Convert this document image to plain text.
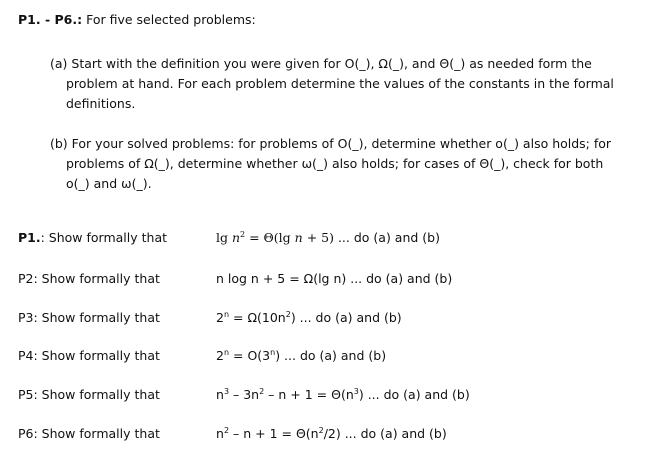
P1. - P6.: For five selected problems:
(a) Start with the definition you were given for O(_), Ω(_), and Θ(_) as needed form the
problem at hand. For each problem determine the values of the constants in the formal
definitions.
(b) For your solved problems: for problems of O(_), determine whether o(_) also holds; for
problems of Ω(_), determine whether ω(_) also holds; for cases of Θ(_), check for both
o(_) and ω(_).
P1.: Show formally that	$\lg n^2 = \Theta(\lg$ n + 5) ... do (a) and (b)
P2: Show formally that	n log n + 5 = Ω(lg n) ... do (a) and (b)
P3: Show formally that	$2^n = \Omega(10n^2)$ ... do (a) and (b)
P4: Show formally that	$2^n = O(3^n)$ ... do (a) and (b)
P5: Show formally that	$n^3 - 3n^2 - n + 1 = \Theta(n^3)$ ... do (a) and (b)
P6: Show formally that	$n^2 - n + 1 = \Theta(n^2/2)$ ... do (a) and (b)
